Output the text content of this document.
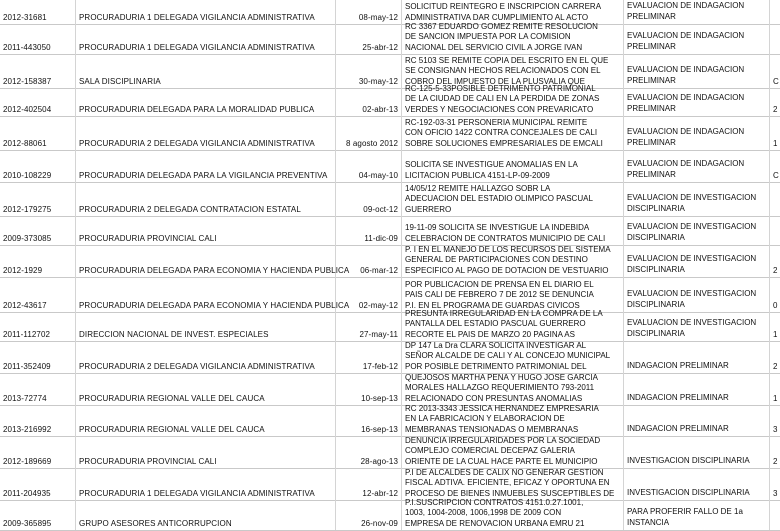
2012-31681	PROCURADURIA 1 DELEGADA VIGILANCIA ADMINISTRATIVA	08-may-12

SOLICITUD REINTEGRO E INSCRIPCION CARRERA
ADMINISTRATIVA DAR CUMPLIMIENTO AL ACTO
EVALUACION DE INDAGACION
PRELIMINAR
2011-443050	PROCURADURIA 1 DELEGADA VIGILANCIA ADMINISTRATIVA	25-abr-12
RC 3367 EDUARDO GOMEZ REMITE RESOLUCION
DE SANCION IMPUESTA POR LA COMISION
NACIONAL DEL SERVICIO CIVIL A JORGE IVAN
EVALUACION DE INDAGACION
PRELIMINAR
2012-158387	SALA DISCIPLINARIA	30-may-12
RC 5103 SE REMITE COPIA DEL ESCRITO EN EL QUE
SE CONSIGNAN HECHOS RELACIONADOS CON EL
COBRO DEL IMPUESTO DE LA PLUSVALIA QUE
EVALUACION DE INDAGACION
PRELIMINAR	C
2012-402504	PROCURADURIA DELEGADA PARA LA MORALIDAD PUBLICA	02-abr-13
RC-125-5-33POSIBLE DETRIMENTO PATRIMONIAL
DE LA CIUDAD DE CALI EN LA PERDIDA DE ZONAS
VERDES Y NEGOCIACIONES CON PREVARICATO
EVALUACION DE INDAGACION
PRELIMINAR	2
2012-88061	PROCURADURIA 2 DELEGADA VIGILANCIA ADMINISTRATIVA	8 agosto 2012
RC-192-03-31 PERSONERIA MUNICIPAL REMITE
CON OFICIO 1422 CONTRA CONCEJALES DE CALI
SOBRE SOLUCIONES EMPRESARIALES DE EMCALI
EVALUACION DE INDAGACION
PRELIMINAR	1
2010-108229	PROCURADURIA DELEGADA PARA LA VIGILANCIA PREVENTIVA	04-may-10
SOLICITA SE INVESTIGUE ANOMALIAS EN LA
LICITACION PUBLICA 4151-LP-09-2009
EVALUACION DE INDAGACION
PRELIMINAR	C
2012-179275	PROCURADURIA 2 DELEGADA CONTRATACION ESTATAL	09-oct-12
14/05/12 REMITE HALLAZGO SOBR LA
ADECUACION DEL ESTADIO OLIMPICO PASCUAL
GUERRERO
EVALUACION DE INVESTIGACION
DISCIPLINARIA
2009-373085	PROCURADURIA PROVINCIAL CALI	11-dic-09
19-11-09 SOLICITA SE INVESTIGUE LA INDEBIDA
CELEBRACION DE CONTRATOS MUNICIPIO DE CALI
EVALUACION DE INVESTIGACION
DISCIPLINARIA
2012-1929	PROCURADURIA DELEGADA PARA ECONOMIA Y HACIENDA PUBLICA	06-mar-12
P. I EN EL MANEJO DE LOS RECURSOS DEL SISTEMA
GENERAL DE PARTICIPACIONES CON DESTINO
ESPECIFICO AL PAGO DE DOTACION DE VESTUARIO
EVALUACION DE INVESTIGACION
DISCIPLINARIA	2
2012-43617	PROCURADURIA DELEGADA PARA ECONOMIA Y HACIENDA PUBLICA	02-may-12
POR PUBLICACION DE PRENSA EN EL DIARIO EL
PAIS CALI DE FEBRERO 7 DE 2012 SE DENUNCIA
P.I. EN EL PROGRAMA DE GUARDAS CIVICOS
EVALUACION DE INVESTIGACION
DISCIPLINARIA	0
2011-112702	DIRECCION NACIONAL DE INVEST. ESPECIALES	27-may-11
PRESUNTA IRREGULARIDAD EN LA COMPRA DE LA
PANTALLA DEL ESTADIO PASCUAL GUERRERO
RECORTE EL PAIS DE MARZO 20 PAGINA AS
EVALUACION DE INVESTIGACION
DISCIPLINARIA	1
2011-352409	PROCURADURIA 2 DELEGADA VIGILANCIA ADMINISTRATIVA	17-feb-12
DP 147 La Dra CLARA SOLICITA INVESTIGAR AL
SEÑOR ALCALDE DE CALI Y AL CONCEJO MUNICIPAL
POR POSIBLE DETRIMENTO PATRIMONIAL DEL	INDAGACION PRELIMINAR	2
2013-72774	PROCURADURIA REGIONAL VALLE DEL CAUCA	10-sep-13
QUEJOSOS MARTHA PENA Y HUGO JOSE GARCIA
MORALES HALLAZGO REQUERIMIENTO 793-2011
RELACIONADO CON PRESUNTAS ANOMALIAS	INDAGACION PRELIMINAR	1
2013-216992	PROCURADURIA REGIONAL VALLE DEL CAUCA	16-sep-13
RC 2013-3343 JESSICA HERNANDEZ EMPRESARIA
EN LA FABRICACION Y ELABORACION DE
MEMBRANAS TENSIONADAS O MEMBRANAS	INDAGACION PRELIMINAR	3
2012-189669	PROCURADURIA PROVINCIAL CALI	28-ago-13
DENUNCIA IRREGULARIDADES POR LA SOCIEDAD
COMPLEJO COMERCIAL DECEPAZ GALERIA
ORIENTE DE LA CUAL HACE PARTE EL MUNICIPIO	INVESTIGACION DISCIPLINARIA	2
2011-204935	PROCURADURIA 1 DELEGADA VIGILANCIA ADMINISTRATIVA	12-abr-12
P.I DE ALCALDES DE CALIX NO GENERAR GESTION
FISCAL ADTIVA. EFICIENTE, EFICAZ Y OPORTUNA EN
PROCESO DE BIENES INMUEBLES SUSCEPTIBLES DE	INVESTIGACION DISCIPLINARIA	3
2009-365895	GRUPO ASESORES ANTICORRUPCION	26-nov-09
P.I.SUSCRIPCION CONTRATOS 4151.0.27.1001,
1003, 1004-2008, 1006,1998 DE 2009 CON
EMPRESA DE RENOVACION URBANA EMRU 21
PARA PROFERIR FALLO DE 1a
INSTANCIA
